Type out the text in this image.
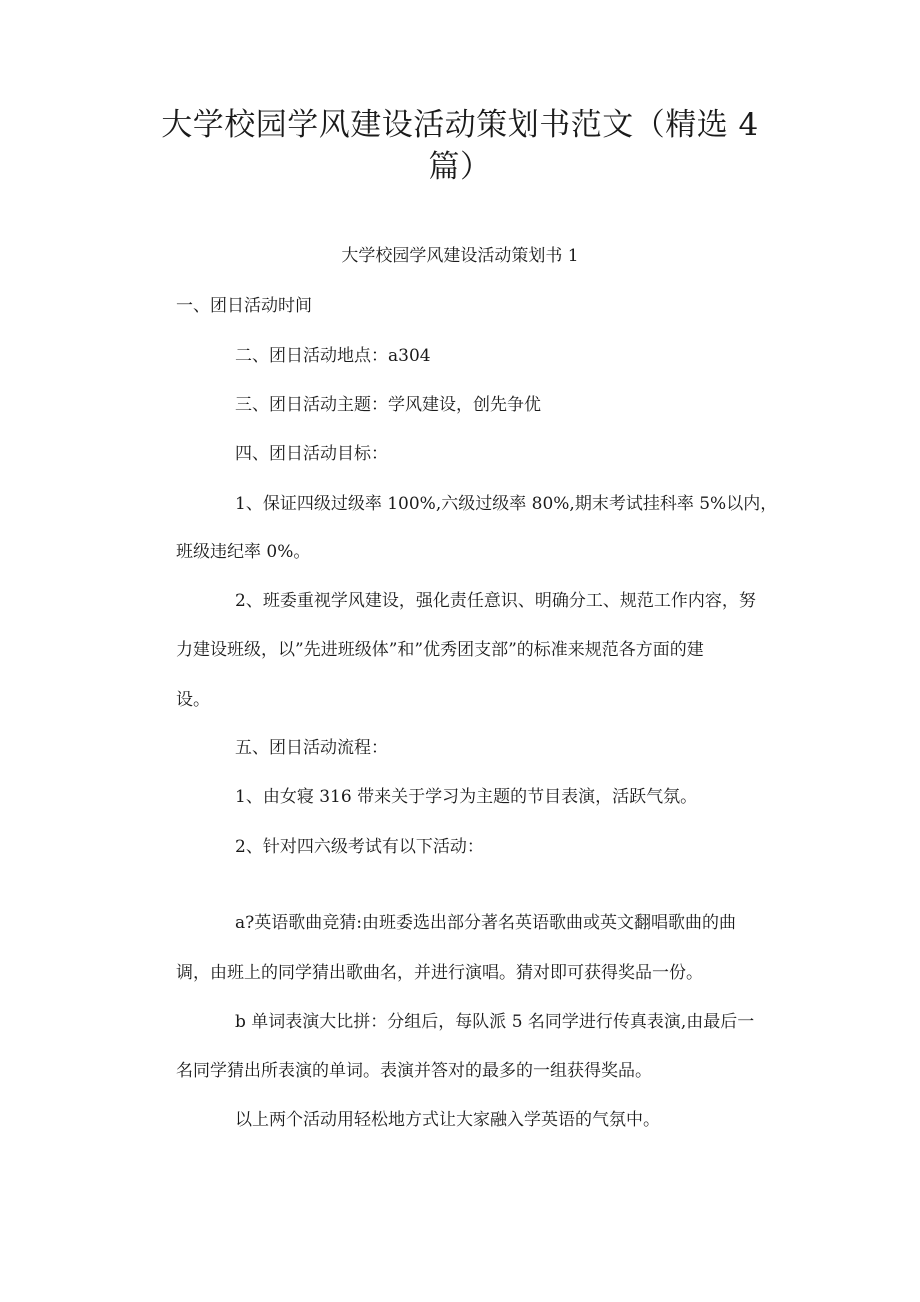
大学校园学风建设活动策划书范文（精选 4
篇）

大学校园学风建设活动策划书 1

一、团日活动时间

二、团日活动地点：a304

三、团日活动主题：学风建设，创先争优

四、团日活动目标：

1、保证四级过级率 100%,六级过级率 80%,期末考试挂科率 5%以内，

班级违纪率 0%。

2、班委重视学风建设，强化责任意识、明确分工、规范工作内容，努

力建设班级，以”先进班级体”和”优秀团支部”的标准来规范各方面的建

设。

五、团日活动流程：

1、由女寝 316 带来关于学习为主题的节目表演，活跃气氛。

2、针对四六级考试有以下活动：

a?英语歌曲竞猜:由班委选出部分著名英语歌曲或英文翻唱歌曲的曲

调，由班上的同学猜出歌曲名，并进行演唱。猜对即可获得奖品一份。

b 单词表演大比拼：分组后，每队派 5 名同学进行传真表演,由最后一

名同学猜出所表演的单词。表演并答对的最多的一组获得奖品。

以上两个活动用轻松地方式让大家融入学英语的气氛中。
